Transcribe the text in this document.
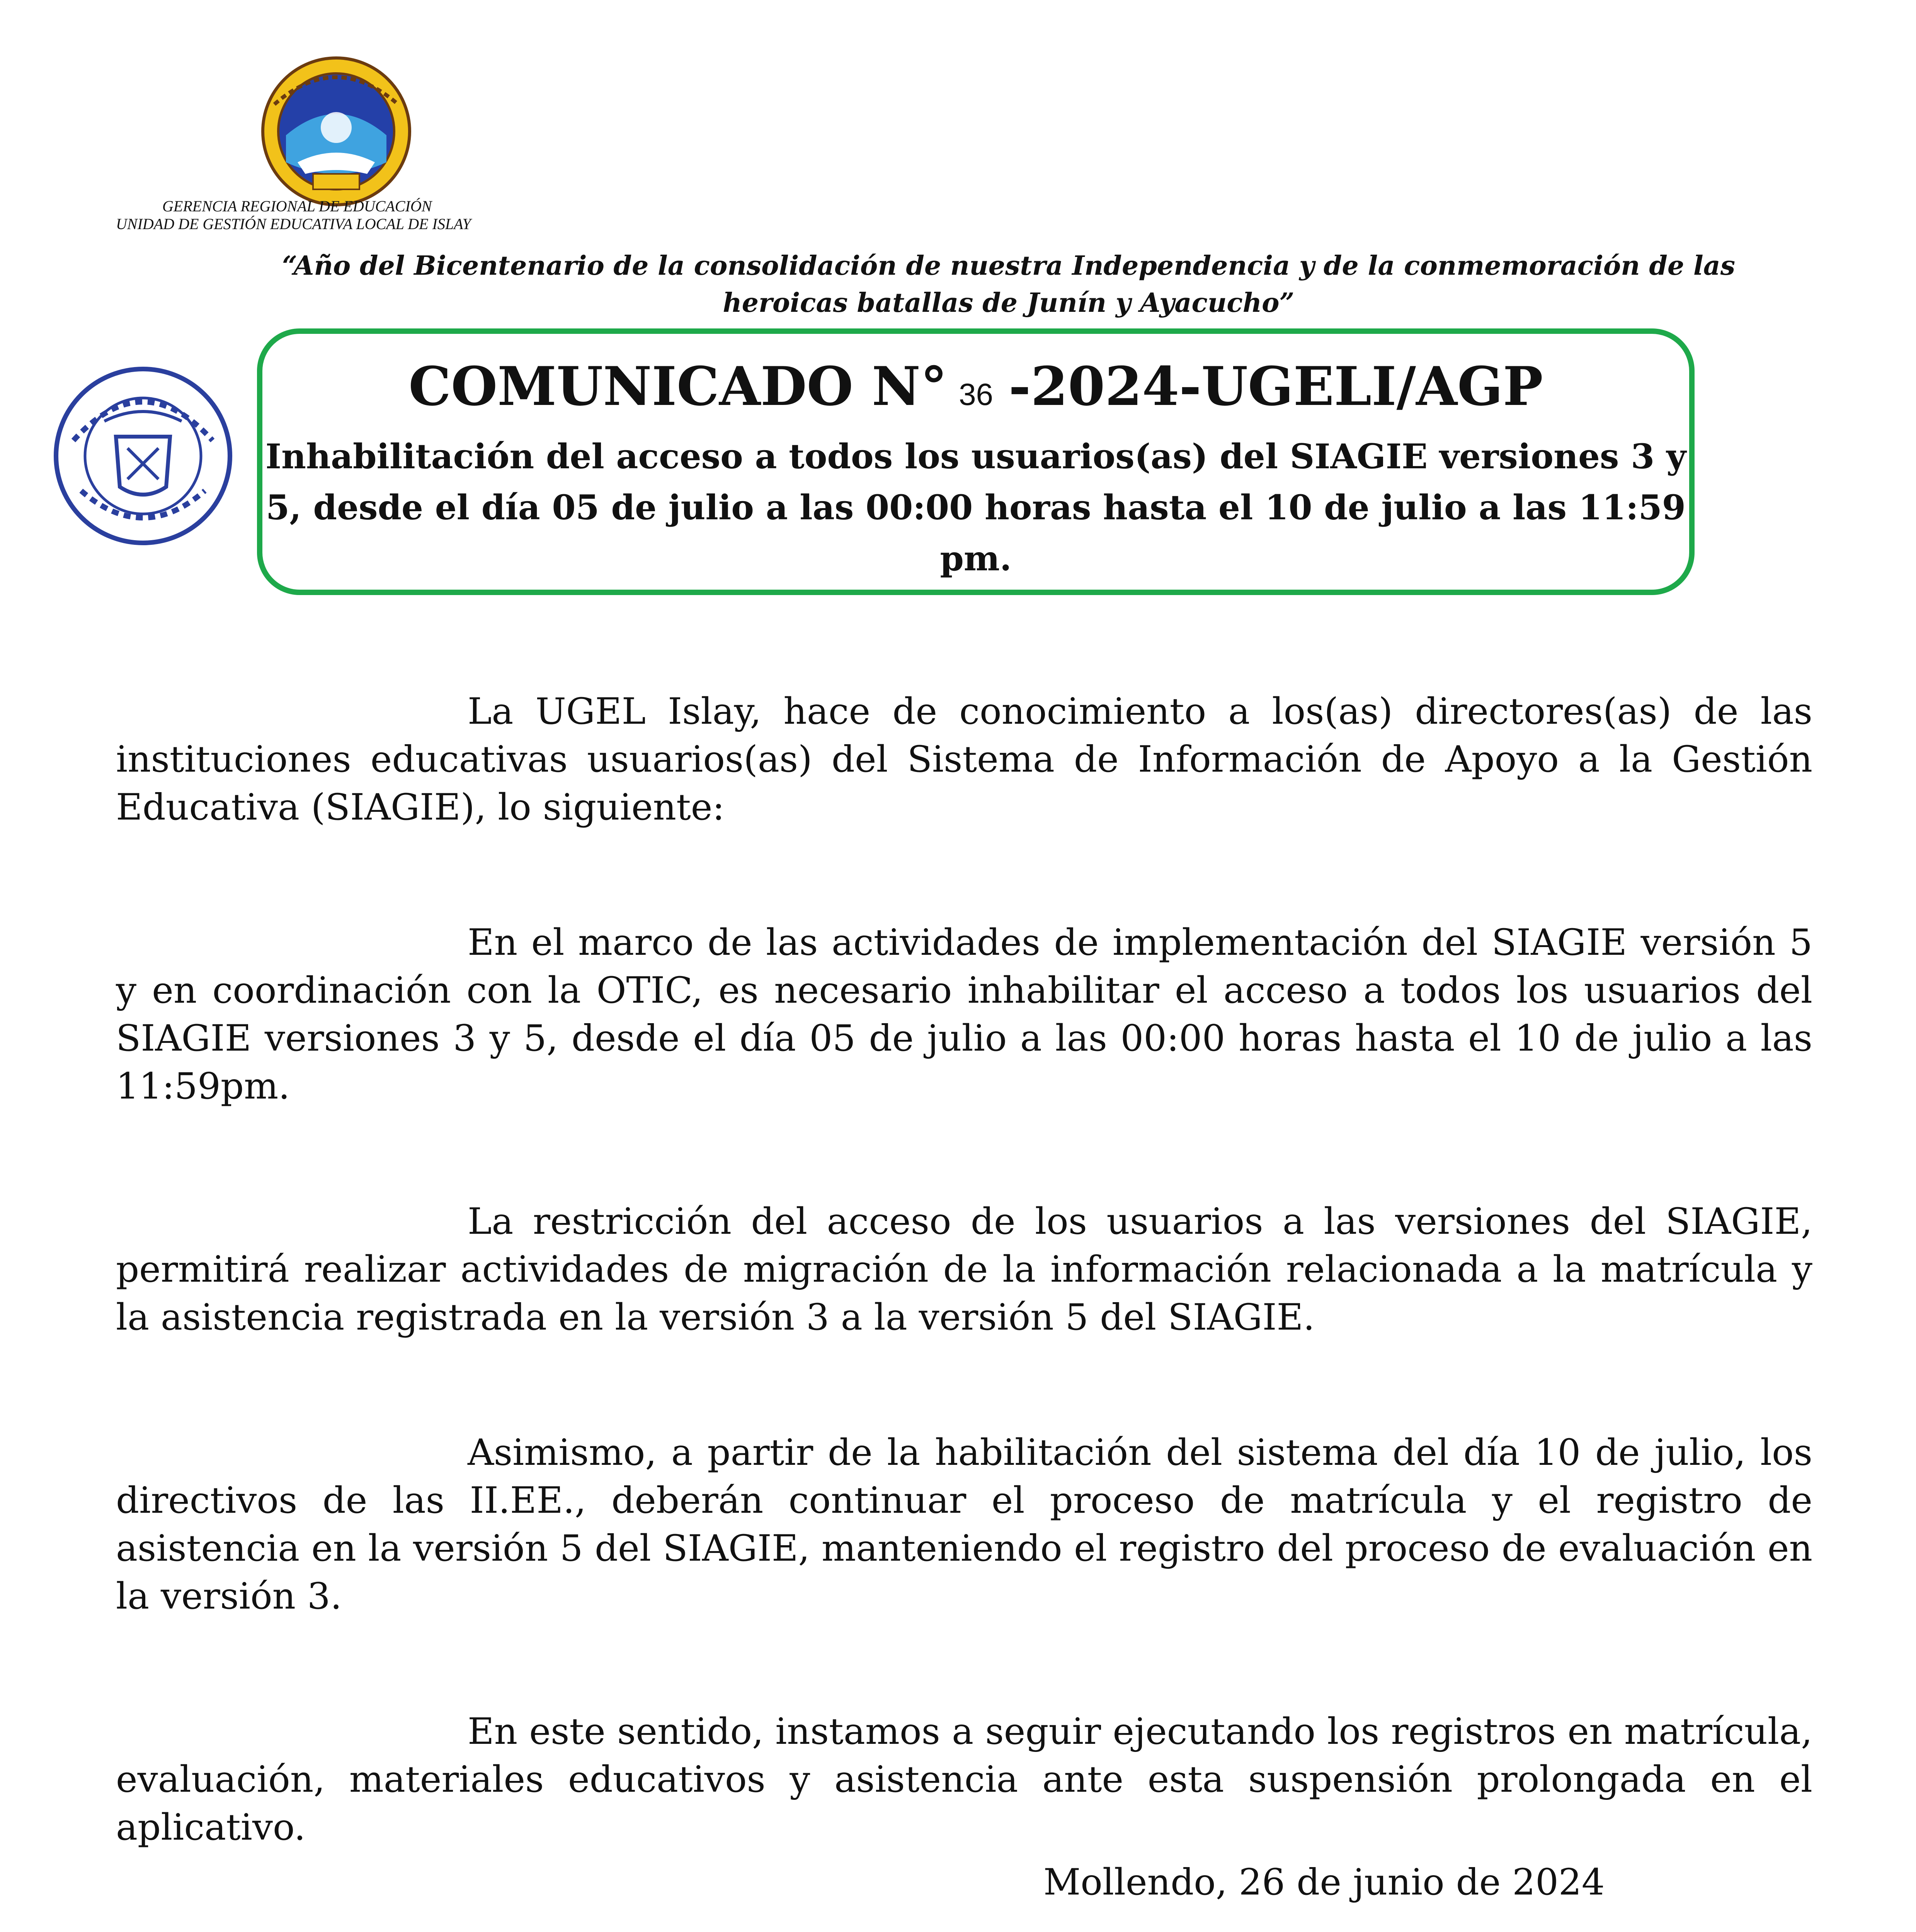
GERENCIA REGIONAL DE EDUCACIÓN
UNIDAD DE GESTIÓN EDUCATIVA LOCAL DE ISLAY
“Año del Bicentenario de la consolidación de nuestra Independencia y de la conmemoración de las heroicas batallas de Junín y Ayacucho”
COMUNICADO N° 36 -2024-UGELI/AGP
Inhabilitación del acceso a todos los usuarios(as) del SIAGIE versiones 3 y 5, desde el día 05 de julio a las 00:00 horas hasta el 10 de julio a las 11:59 pm.

La UGEL Islay, hace de conocimiento a los(as) directores(as) de las instituciones educativas usuarios(as) del Sistema de Información de Apoyo a la Gestión Educativa (SIAGIE), lo siguiente:

En el marco de las actividades de implementación del SIAGIE versión 5 y en coordinación con la OTIC, es necesario inhabilitar el acceso a todos los usuarios del SIAGIE versiones 3 y 5, desde el día 05 de julio a las 00:00 horas hasta el 10 de julio a las 11:59pm.

La restricción del acceso de los usuarios a las versiones del SIAGIE, permitirá realizar actividades de migración de la información relacionada a la matrícula y la asistencia registrada en la versión 3 a la versión 5 del SIAGIE.

Asimismo, a partir de la habilitación del sistema del día 10 de julio, los directivos de las II.EE., deberán continuar el proceso de matrícula y el registro de asistencia en la versión 5 del SIAGIE, manteniendo el registro del proceso de evaluación en la versión 3.

En este sentido, instamos a seguir ejecutando los registros en matrícula, evaluación, materiales educativos y asistencia ante esta suspensión prolongada en el aplicativo.

Mollendo, 26 de junio de 2024
